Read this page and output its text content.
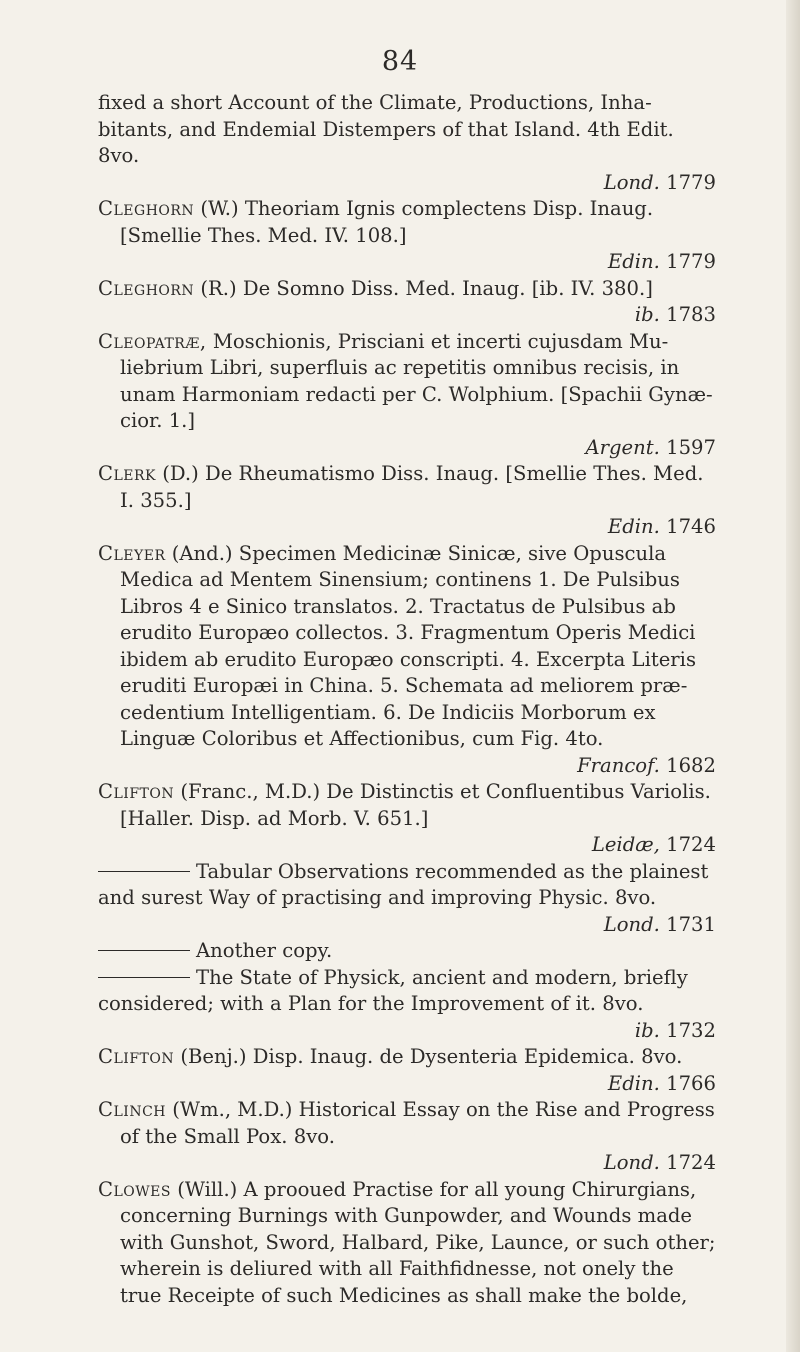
84

fixed a short Account of the Climate, Productions, Inhabitants, and Endemial Distempers of that Island. 4th Edit. 8vo.
Lond. 1779

Cleghorn (W.) Theoriam Ignis complectens Disp. Inaug. [Smellie Thes. Med. IV. 108.]
Edin. 1779

Cleghorn (R.) De Somno Diss. Med. Inaug. [ib. IV. 380.]
ib. 1783

Cleopatræ, Moschionis, Prisciani et incerti cujusdam Muliebrium Libri, superfluis ac repetitis omnibus recisis, in unam Harmoniam redacti per C. Wolphium. [Spachii Gynæcior. 1.]
Argent. 1597

Clerk (D.) De Rheumatismo Diss. Inaug. [Smellie Thes. Med. I. 355.]
Edin. 1746

Cleyer (And.) Specimen Medicinæ Sinicæ, sive Opuscula Medica ad Mentem Sinensium; continens 1. De Pulsibus Libros 4 e Sinico translatos. 2. Tractatus de Pulsibus ab erudito Europæo collectos. 3. Fragmentum Operis Medici ibidem ab erudito Europæo conscripti. 4. Excerpta Literis eruditi Europæi in China. 5. Schemata ad meliorem præcedentium Intelligentiam. 6. De Indiciis Morborum ex Linguæ Coloribus et Affectionibus, cum Fig. 4to.
Francof. 1682

Clifton (Franc., M.D.) De Distinctis et Confluentibus Variolis. [Haller. Disp. ad Morb. V. 651.]
Leidæ, 1724

Tabular Observations recommended as the plainest and surest Way of practising and improving Physic. 8vo.
Lond. 1731

Another copy.

The State of Physick, ancient and modern, briefly considered; with a Plan for the Improvement of it. 8vo.
ib. 1732

Clifton (Benj.) Disp. Inaug. de Dysenteria Epidemica. 8vo.
Edin. 1766

Clinch (Wm., M.D.) Historical Essay on the Rise and Progress of the Small Pox. 8vo.
Lond. 1724

Clowes (Will.) A prooued Practise for all young Chirurgians, concerning Burnings with Gunpowder, and Wounds made with Gunshot, Sword, Halbard, Pike, Launce, or such other; wherein is deliured with all Faithfidnesse, not onely the true Receipte of such Medicines as shall make the bolde,
